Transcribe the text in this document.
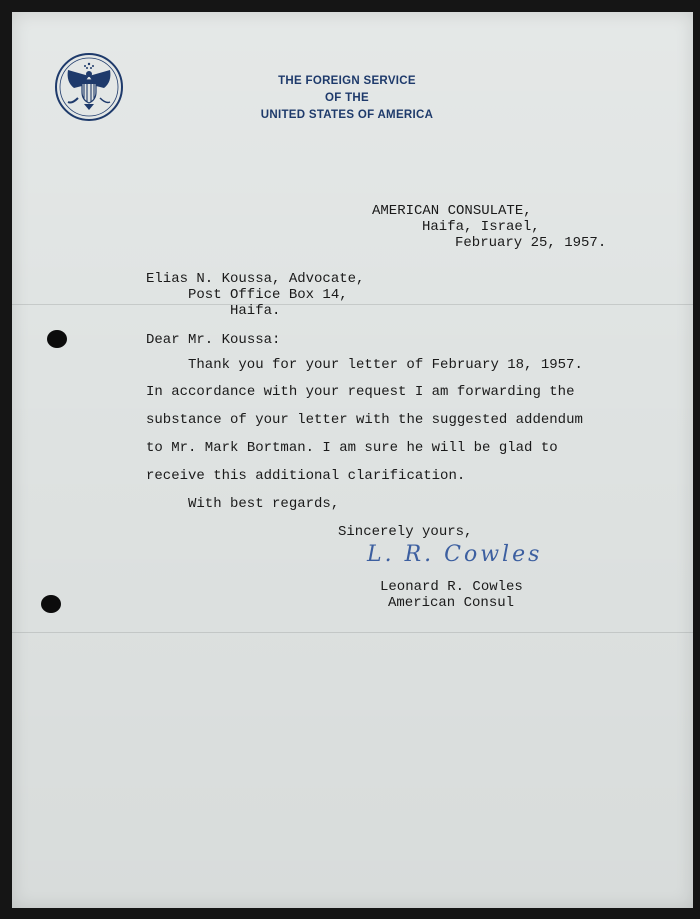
THE FOREIGN SERVICE
OF THE
UNITED STATES OF AMERICA
AMERICAN CONSULATE,
Haifa, Israel,
February 25, 1957.
Elias N. Koussa, Advocate,
Post Office Box 14,
Haifa.
Dear Mr. Koussa:
Thank you for your letter of February 18, 1957.
In accordance with your request I am forwarding the
substance of your letter with the suggested addendum
to Mr. Mark Bortman. I am sure he will be glad to
receive this additional clarification.
With best regards,
Sincerely yours,
L. R. Cowles
Leonard R. Cowles
American Consul
